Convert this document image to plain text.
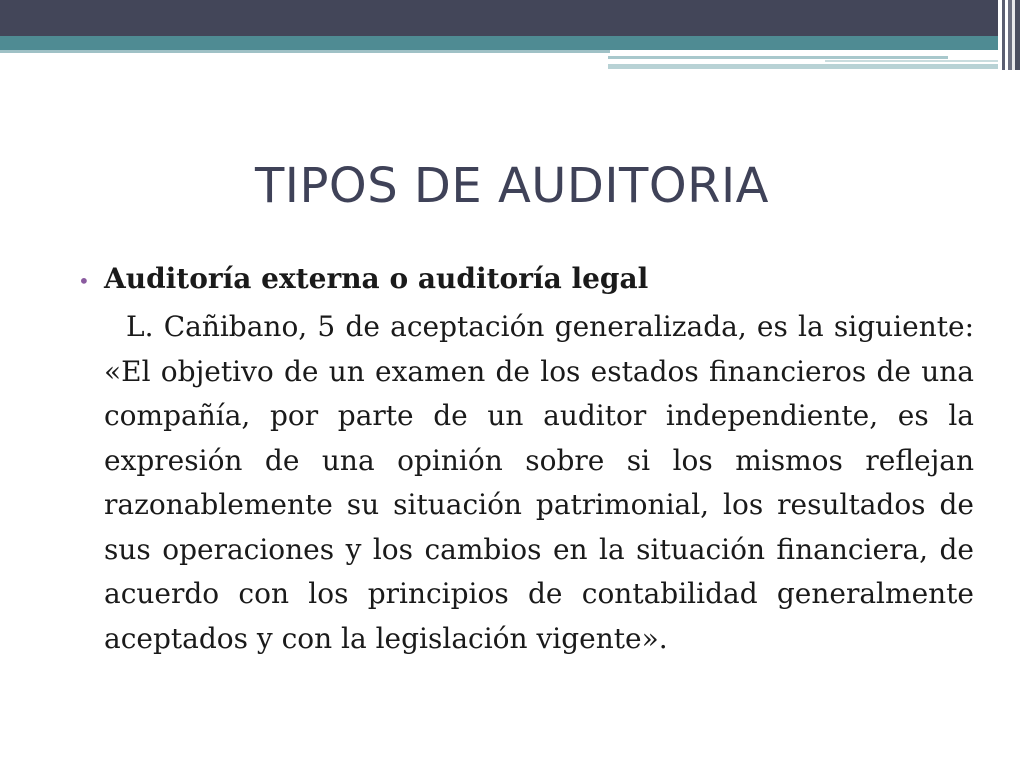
TIPOS DE AUDITORIA
• Auditoría externa o auditoría legal
L. Cañibano, 5 de aceptación generalizada, es la siguiente: «El objetivo de un examen de los estados financieros de una compañía, por parte de un auditor independiente, es la expresión de una opinión sobre si los mismos reflejan razonablemente su situación patrimonial, los resultados de sus operaciones y los cambios en la situación financiera, de acuerdo con los principios de contabilidad generalmente aceptados y con la legislación vigente».
